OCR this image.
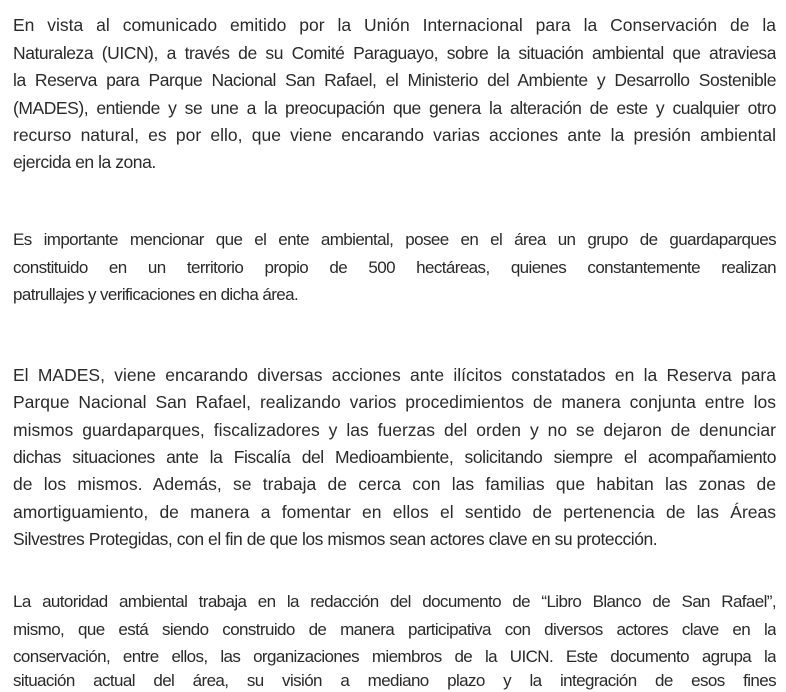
En vista al comunicado emitido por la Unión Internacional para la Conservación de la
Naturaleza (UICN), a través de su Comité Paraguayo, sobre la situación ambiental que atraviesa
la Reserva para Parque Nacional San Rafael, el Ministerio del Ambiente y Desarrollo Sostenible
(MADES), entiende y se une a la preocupación que genera la alteración de este y cualquier otro
recurso natural, es por ello, que viene encarando varias acciones ante la presión ambiental
ejercida en la zona.
Es importante mencionar que el ente ambiental, posee en el área un grupo de guardaparques
constituido en un territorio propio de 500 hectáreas, quienes constantemente realizan
patrullajes y verificaciones en dicha área.
El MADES, viene encarando diversas acciones ante ilícitos constatados en la Reserva para
Parque Nacional San Rafael, realizando varios procedimientos de manera conjunta entre los
mismos guardaparques, fiscalizadores y las fuerzas del orden y no se dejaron de denunciar
dichas situaciones ante la Fiscalía del Medioambiente, solicitando siempre el acompañamiento
de los mismos. Además, se trabaja de cerca con las familias que habitan las zonas de
amortiguamiento, de manera a fomentar en ellos el sentido de pertenencia de las Áreas
Silvestres Protegidas, con el fin de que los mismos sean actores clave en su protección.
La autoridad ambiental trabaja en la redacción del documento de “Libro Blanco de San Rafael”,
mismo, que está siendo construido de manera participativa con diversos actores clave en la
conservación, entre ellos, las organizaciones miembros de la UICN. Este documento agrupa la
situación actual del área, su visión a mediano plazo y la integración de esos fines
